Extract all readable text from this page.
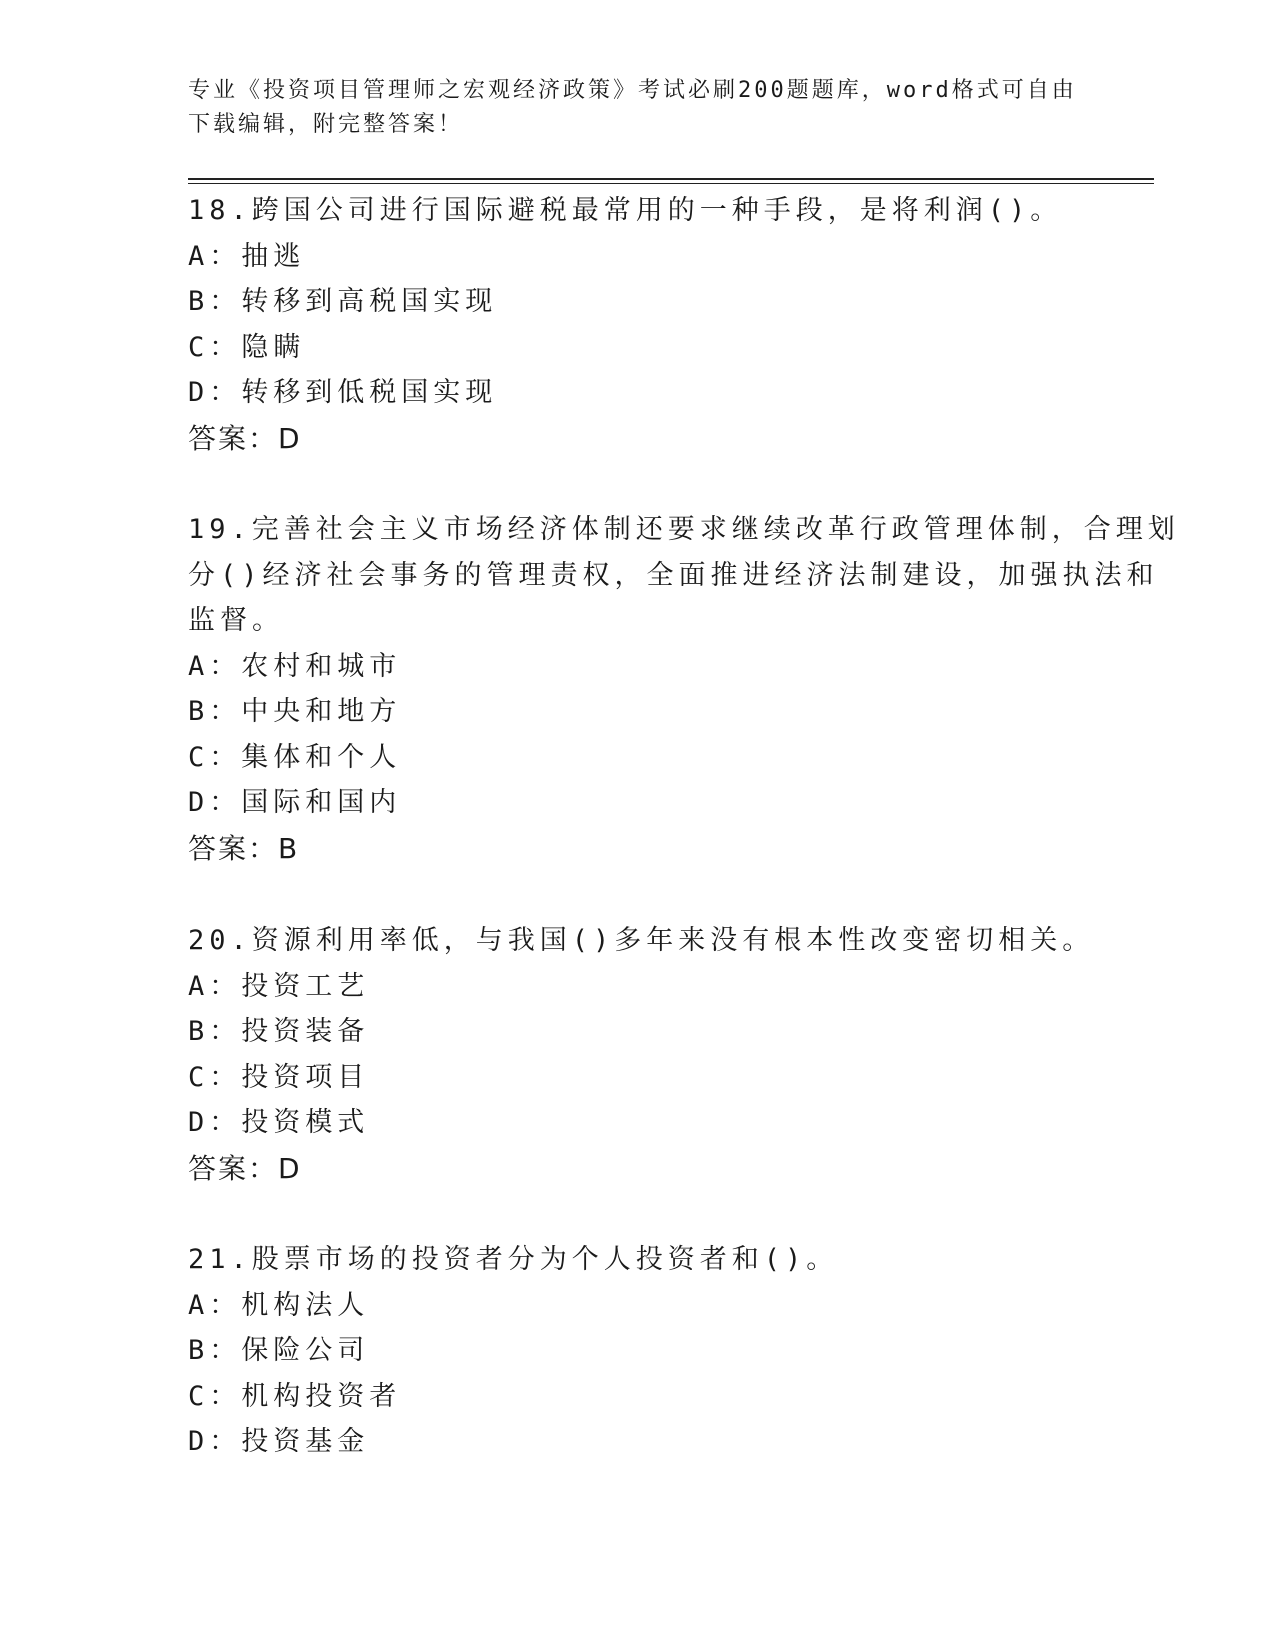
专业《投资项目管理师之宏观经济政策》考试必刷200题题库，word格式可自由
下载编辑，附完整答案！
18.跨国公司进行国际避税最常用的一种手段，是将利润()。
A：抽逃
B：转移到高税国实现
C：隐瞒
D：转移到低税国实现
答案：D
19.完善社会主义市场经济体制还要求继续改革行政管理体制，合理划
分()经济社会事务的管理责权，全面推进经济法制建设，加强执法和
监督。
A：农村和城市
B：中央和地方
C：集体和个人
D：国际和国内
答案：B
20.资源利用率低，与我国()多年来没有根本性改变密切相关。
A：投资工艺
B：投资装备
C：投资项目
D：投资模式
答案：D
21.股票市场的投资者分为个人投资者和()。
A：机构法人
B：保险公司
C：机构投资者
D：投资基金
